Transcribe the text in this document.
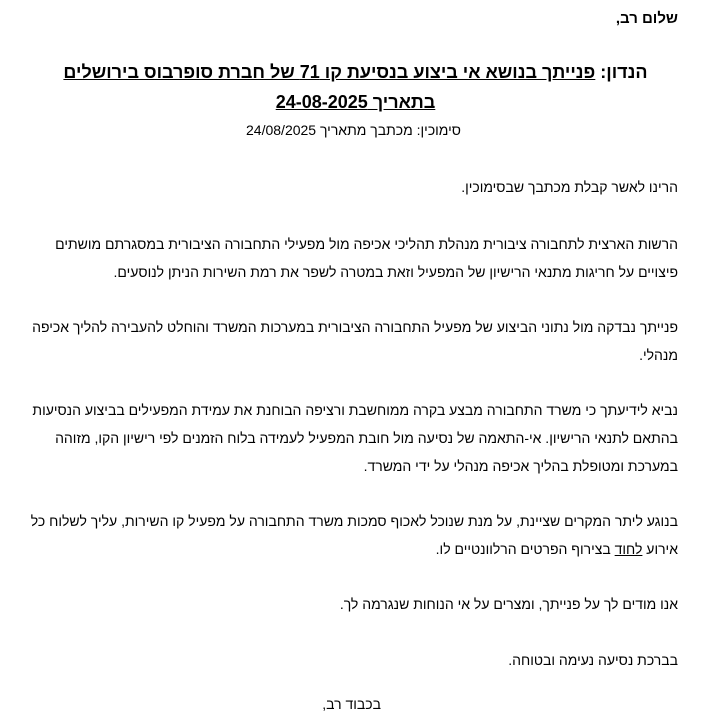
שלום רב,

הנדון: פנייתך בנושא אי ביצוע בנסיעת קו 71 של חברת סופרבוס בירושלים
בתאריך 24-08-2025

סימוכין: מכתבך מתאריך 24/08/2025

הרינו לאשר קבלת מכתבך שבסימוכין.

הרשות הארצית לתחבורה ציבורית מנהלת תהליכי אכיפה מול מפעילי התחבורה הציבורית במסגרתם מושתים פיצויים על חריגות מתנאי הרישיון של המפעיל וזאת במטרה לשפר את רמת השירות הניתן לנוסעים.

פנייתך נבדקה מול נתוני הביצוע של מפעיל התחבורה הציבורית במערכות המשרד והוחלט להעבירה להליך אכיפה מנהלי.

נביא לידיעתך כי משרד התחבורה מבצע בקרה ממוחשבת ורציפה הבוחנת את עמידת המפעילים בביצוע הנסיעות בהתאם לתנאי הרישיון. אי-התאמה של נסיעה מול חובת המפעיל לעמידה בלוח הזמנים לפי רישיון הקו, מזוהה במערכת ומטופלת בהליך אכיפה מנהלי על ידי המשרד.

בנוגע ליתר המקרים שציינת, על מנת שנוכל לאכוף סמכות משרד התחבורה על מפעיל קו השירות, עליך לשלוח כל אירוע לחוד בצירוף הפרטים הרלוונטיים לו.

אנו מודים לך על פנייתך, ומצרים על אי הנוחות שנגרמה לך.

בברכת נסיעה נעימה ובטוחה.

בכבוד רב,
